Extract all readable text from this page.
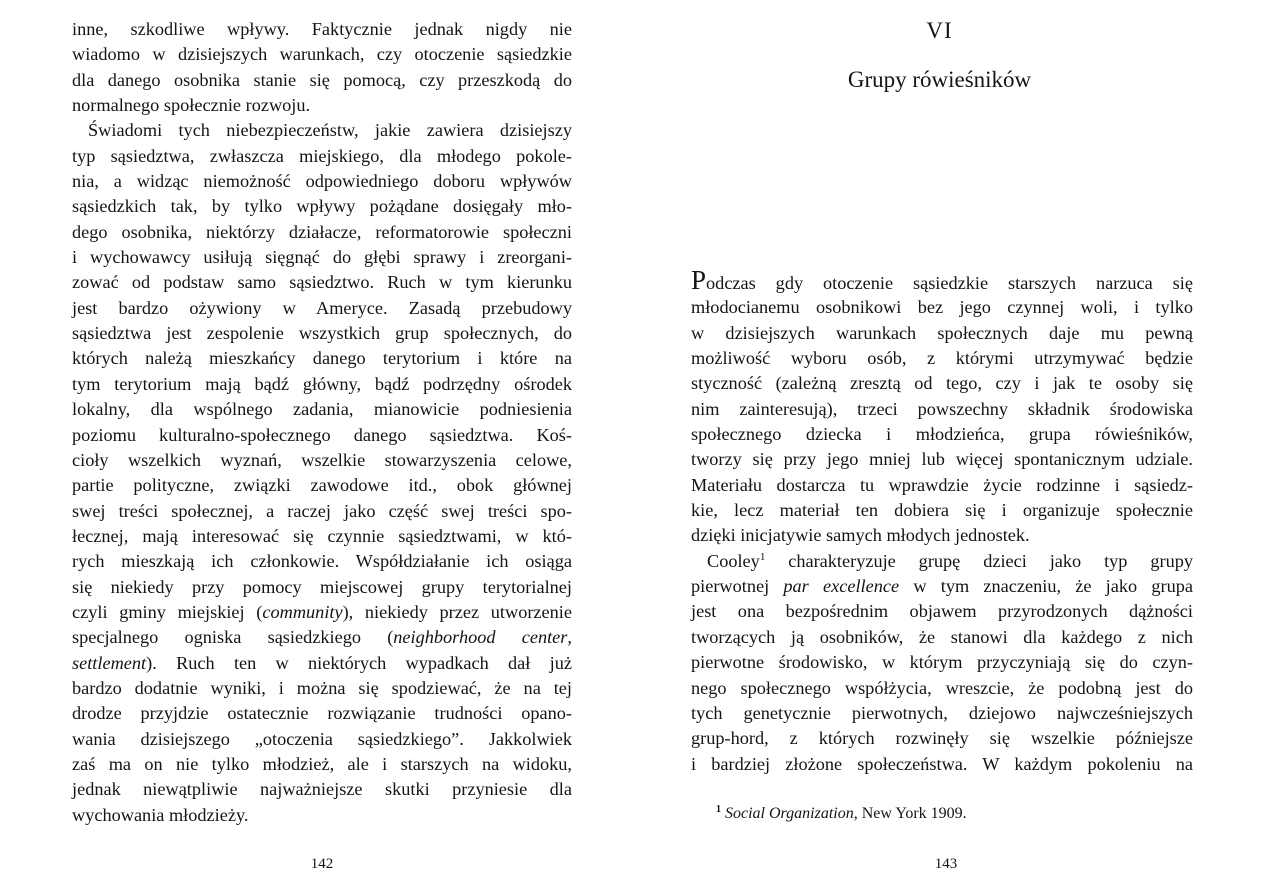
inne, szkodliwe wpływy. Faktycznie jednak nigdy nie
wiadomo w dzisiejszych warunkach, czy otoczenie sąsiedzkie
dla danego osobnika stanie się pomocą, czy przeszkodą do
normalnego społecznie rozwoju.
Świadomi tych niebezpieczeństw, jakie zawiera dzisiejszy
typ sąsiedztwa, zwłaszcza miejskiego, dla młodego pokole-
nia, a widząc niemożność odpowiedniego doboru wpływów
sąsiedzkich tak, by tylko wpływy pożądane dosięgały mło-
dego osobnika, niektórzy działacze, reformatorowie społeczni
i wychowawcy usiłują sięgnąć do głębi sprawy i zreorgani-
zować od podstaw samo sąsiedztwo. Ruch w tym kierunku
jest bardzo ożywiony w Ameryce. Zasadą przebudowy
sąsiedztwa jest zespolenie wszystkich grup społecznych, do
których należą mieszkańcy danego terytorium i które na
tym terytorium mają bądź główny, bądź podrzędny ośrodek
lokalny, dla wspólnego zadania, mianowicie podniesienia
poziomu kulturalno-społecznego danego sąsiedztwa. Koś-
cioły wszelkich wyznań, wszelkie stowarzyszenia celowe,
partie polityczne, związki zawodowe itd., obok głównej
swej treści społecznej, a raczej jako część swej treści spo-
łecznej, mają interesować się czynnie sąsiedztwami, w któ-
rych mieszkają ich członkowie. Współdziałanie ich osiąga
się niekiedy przy pomocy miejscowej grupy terytorialnej
czyli gminy miejskiej (community), niekiedy przez utworzenie
specjalnego ogniska sąsiedzkiego (neighborhood center,
settlement). Ruch ten w niektórych wypadkach dał już
bardzo dodatnie wyniki, i można się spodziewać, że na tej
drodze przyjdzie ostatecznie rozwiązanie trudności opano-
wania dzisiejszego „otoczenia sąsiedzkiego”. Jakkolwiek
zaś ma on nie tylko młodzież, ale i starszych na widoku,
jednak niewątpliwie najważniejsze skutki przyniesie dla
wychowania młodzieży.
142
VI
Grupy rówieśników
Podczas gdy otoczenie sąsiedzkie starszych narzuca się
młodocianemu osobnikowi bez jego czynnej woli, i tylko
w dzisiejszych warunkach społecznych daje mu pewną
możliwość wyboru osób, z którymi utrzymywać będzie
styczność (zależną zresztą od tego, czy i jak te osoby się
nim zainteresują), trzeci powszechny składnik środowiska
społecznego dziecka i młodzieńca, grupa rówieśników,
tworzy się przy jego mniej lub więcej spontanicznym udziale.
Materiału dostarcza tu wprawdzie życie rodzinne i sąsiedz-
kie, lecz materiał ten dobiera się i organizuje społecznie
dzięki inicjatywie samych młodych jednostek.
Cooley$^1$ charakteryzuje grupę dzieci jako typ grupy
pierwotnej par excellence w tym znaczeniu, że jako grupa
jest ona bezpośrednim objawem przyrodzonych dążności
tworzących ją osobników, że stanowi dla każdego z nich
pierwotne środowisko, w którym przyczyniają się do czyn-
nego społecznego współżycia, wreszcie, że podobną jest do
tych genetycznie pierwotnych, dziejowo najwcześniejszych
grup-hord, z których rozwinęły się wszelkie późniejsze
i bardziej złożone społeczeństwa. W każdym pokoleniu na
$^1$ Social Organization, New York 1909.
143
